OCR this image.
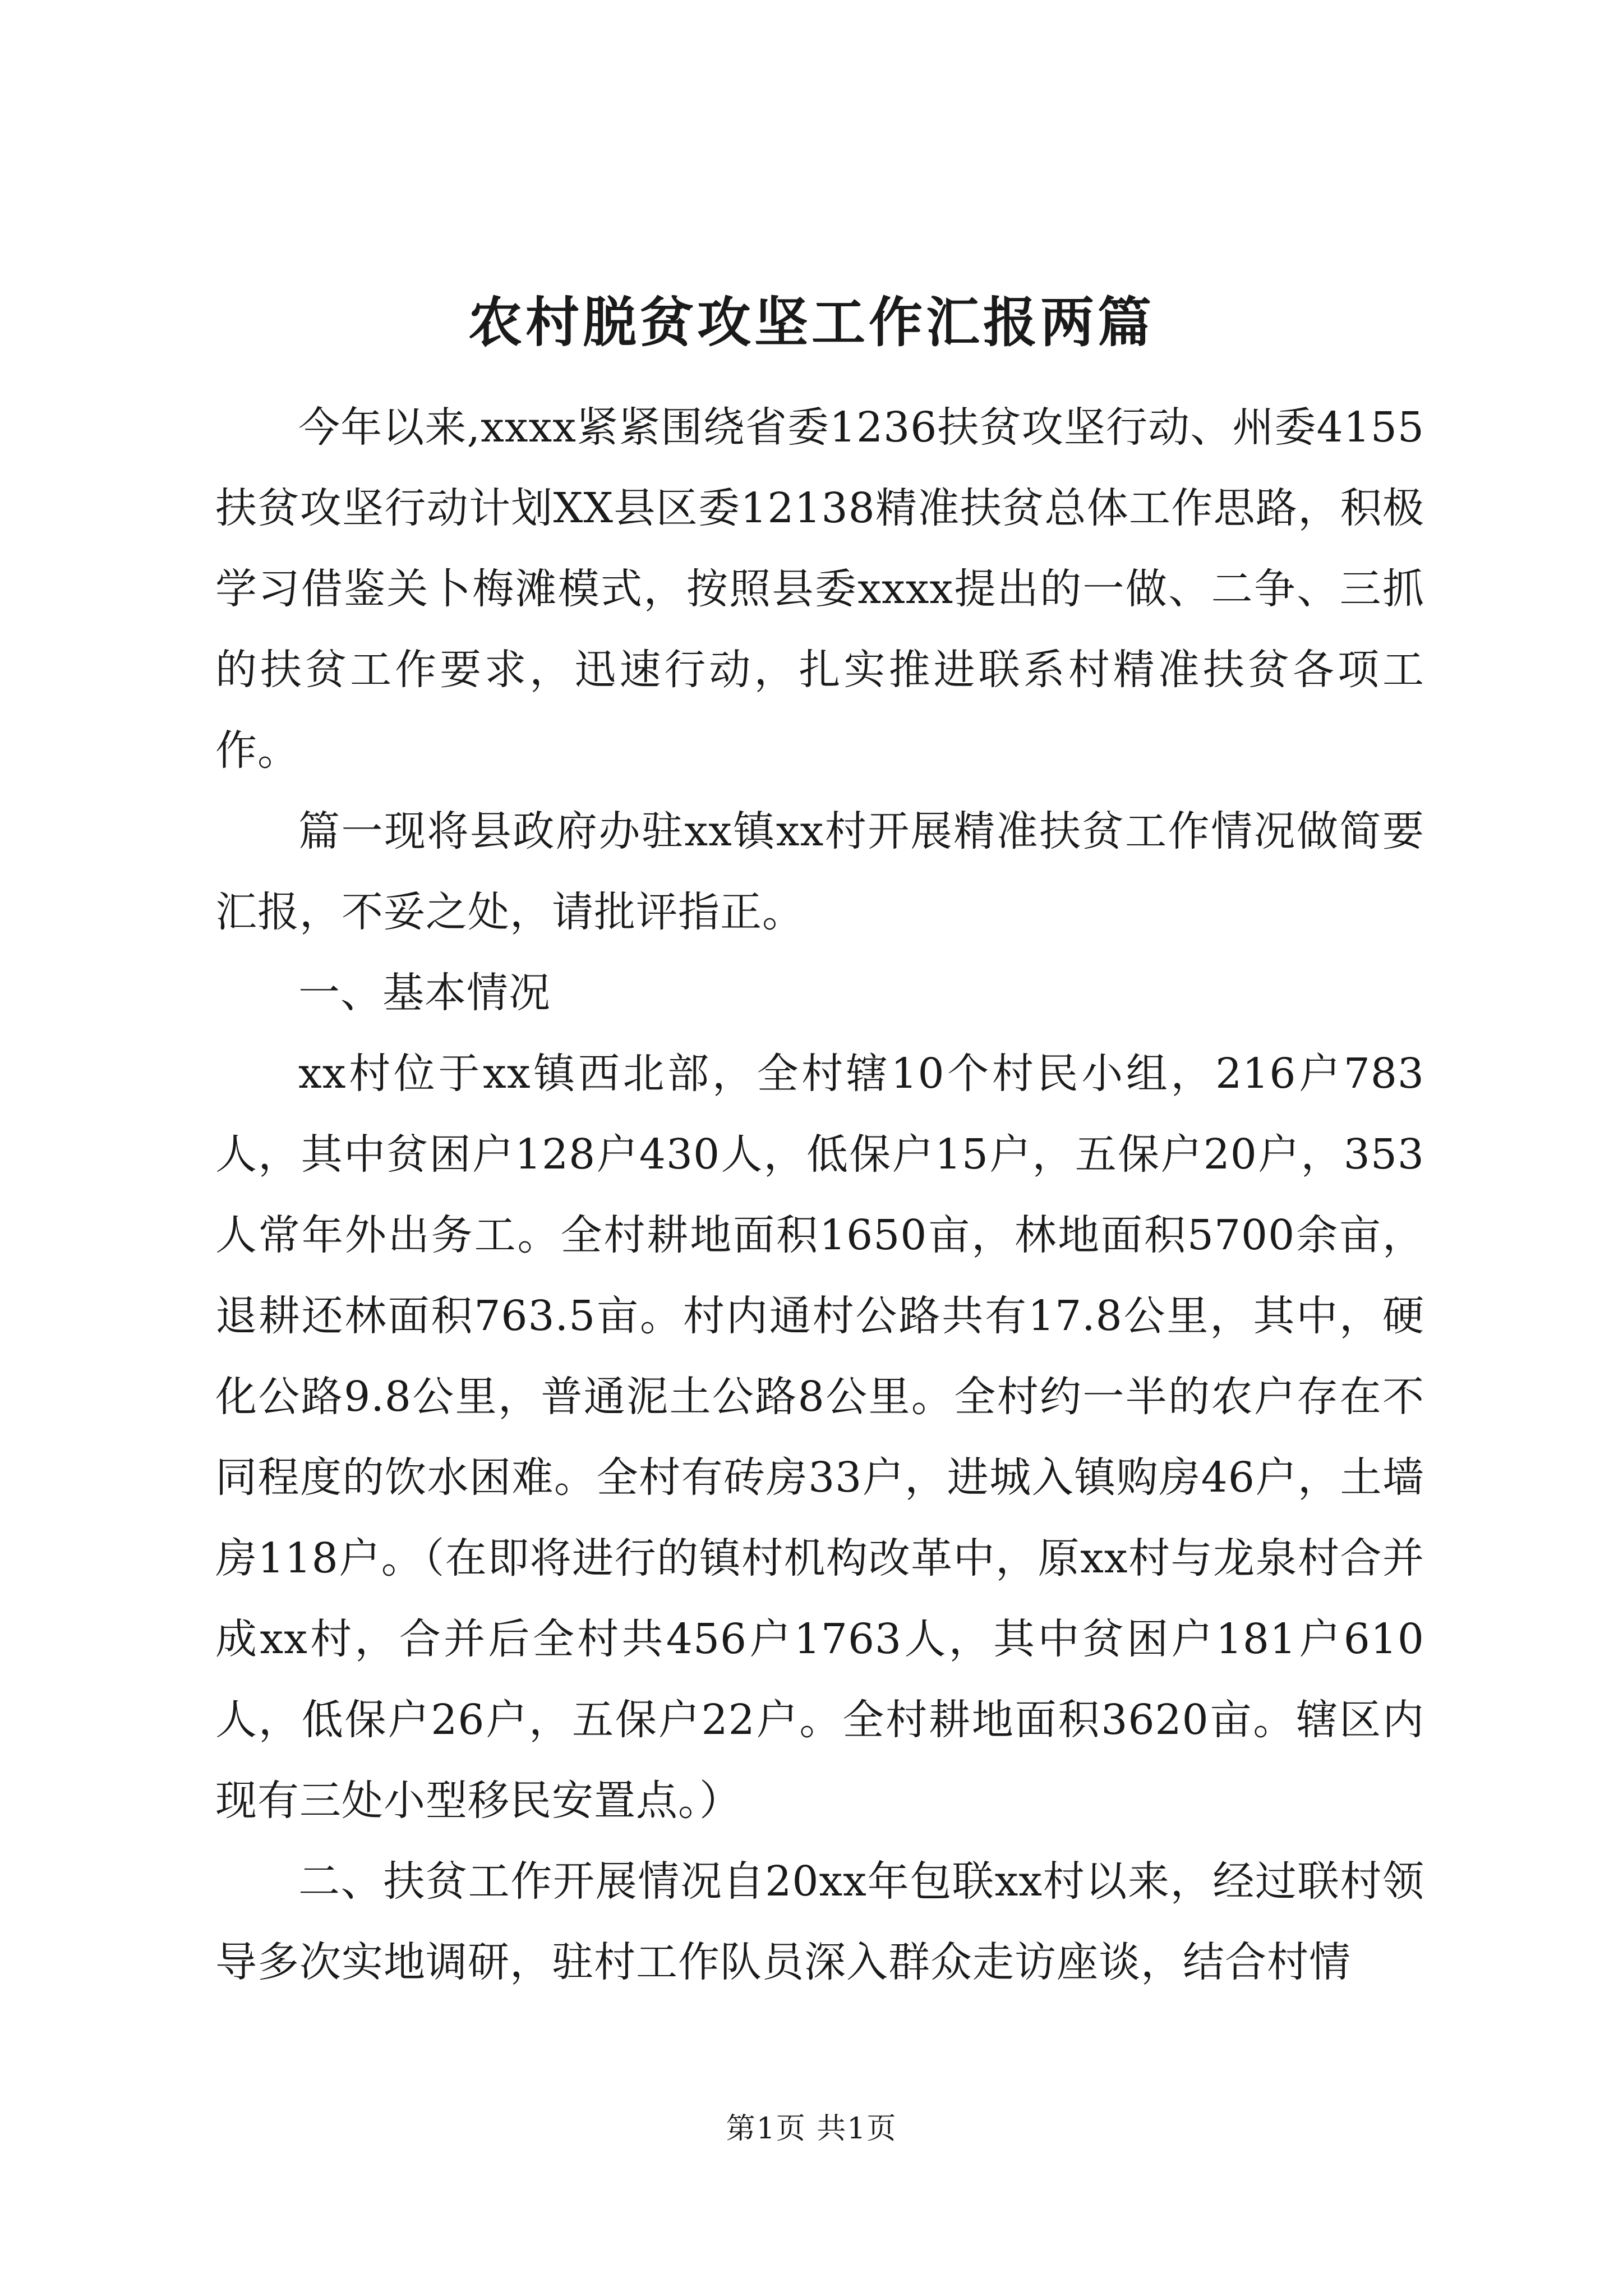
农村脱贫攻坚工作汇报两篇

今年以来,xxxx紧紧围绕省委1236扶贫攻坚行动、州委4155扶贫攻坚行动计划XX县区委12138精准扶贫总体工作思路，积极学习借鉴关卜梅滩模式，按照县委xxxx提出的一做、二争、三抓的扶贫工作要求，迅速行动，扎实推进联系村精准扶贫各项工作。

篇一现将县政府办驻xx镇xx村开展精准扶贫工作情况做简要汇报，不妥之处，请批评指正。

一、基本情况

xx村位于xx镇西北部，全村辖10个村民小组，216户783人，其中贫困户128户430人，低保户15户，五保户20户，353人常年外出务工。全村耕地面积1650亩，林地面积5700余亩，退耕还林面积763.5亩。村内通村公路共有17.8公里，其中，硬化公路9.8公里，普通泥土公路8公里。全村约一半的农户存在不同程度的饮水困难。全村有砖房33户，进城入镇购房46户，土墙房118户。（在即将进行的镇村机构改革中，原xx村与龙泉村合并成xx村，合并后全村共456户1763人，其中贫困户181户610人，低保户26户，五保户22户。全村耕地面积3620亩。辖区内现有三处小型移民安置点。）

二、扶贫工作开展情况自20xx年包联xx村以来，经过联村领导多次实地调研，驻村工作队员深入群众走访座谈，结合村情

第1页 共1页
